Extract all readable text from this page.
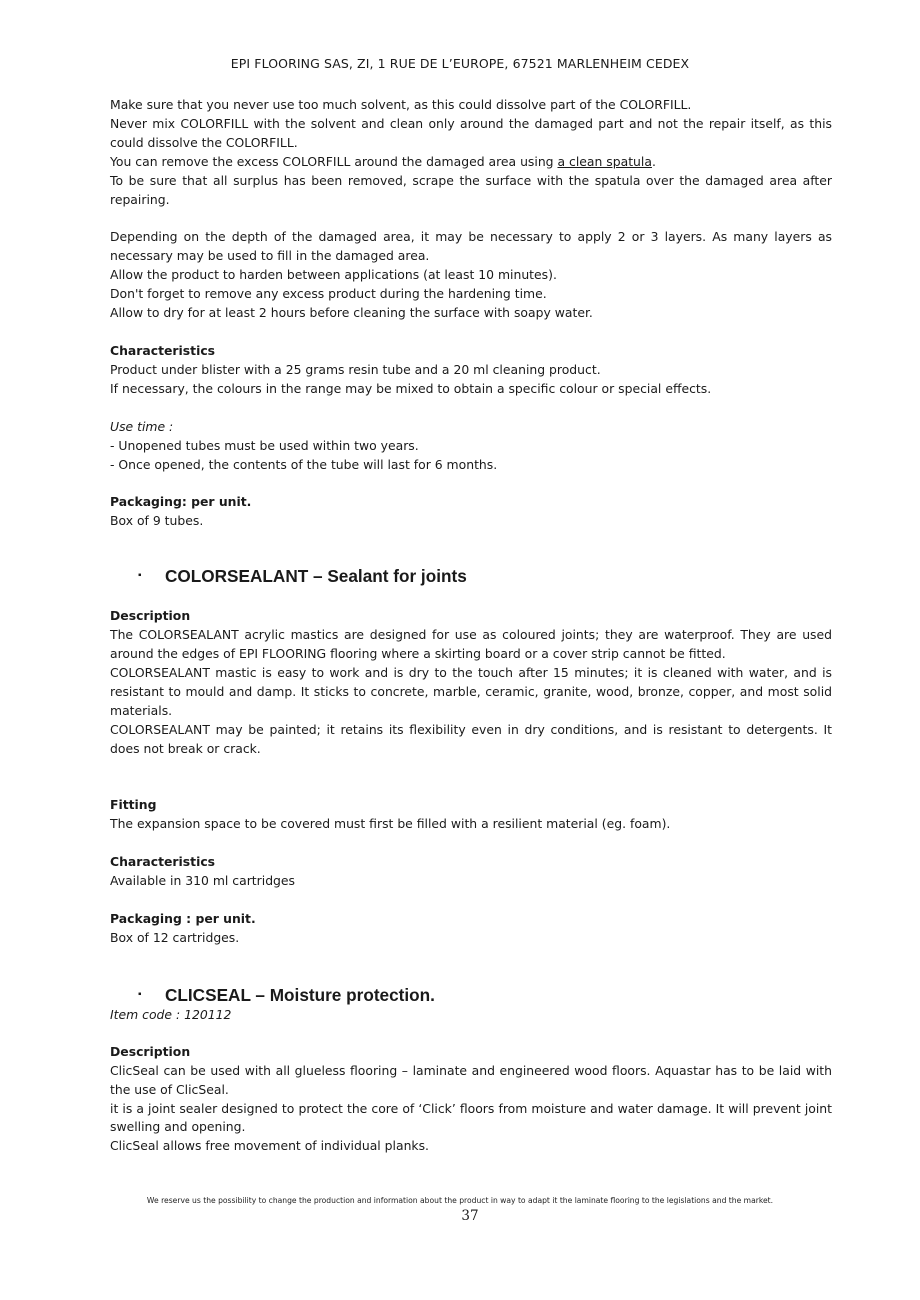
EPI FLOORING SAS, ZI, 1 RUE DE L’EUROPE, 67521 MARLENHEIM CEDEX

Make sure that you never use too much solvent, as this could dissolve part of the COLORFILL.

Never mix COLORFILL with the solvent and clean only around the damaged part and not the repair itself, as this could dissolve the COLORFILL.

You can remove the excess COLORFILL around the damaged area using a clean spatula.

To be sure that all surplus has been removed, scrape the surface with the spatula over the damaged area after repairing.

Depending on the depth of the damaged area, it may be necessary to apply 2 or 3 layers. As many layers as necessary may be used to fill in the damaged area.

Allow the product to harden between applications (at least 10 minutes).

Don't forget to remove any excess product during the hardening time.

Allow to dry for at least 2 hours before cleaning the surface with soapy water.

Characteristics

Product under blister with a 25 grams resin tube and a 20 ml cleaning product.

If necessary, the colours in the range may be mixed to obtain a specific colour or special effects.

Use time :

- Unopened tubes must be used within two years.

- Once opened, the contents of the tube will last for 6 months.

Packaging: per unit.

Box of 9 tubes.

▪ COLORSEALANT – Sealant for joints

Description

The COLORSEALANT acrylic mastics are designed for use as coloured joints; they are waterproof. They are used around the edges of EPI FLOORING flooring where a skirting board or a cover strip cannot be fitted.

COLORSEALANT mastic is easy to work and is dry to the touch after 15 minutes; it is cleaned with water, and is resistant to mould and damp. It sticks to concrete, marble, ceramic, granite, wood, bronze, copper, and most solid materials.

COLORSEALANT may be painted; it retains its flexibility even in dry conditions, and is resistant to detergents. It does not break or crack.

Fitting

The expansion space to be covered must first be filled with a resilient material (eg. foam).

Characteristics

Available in 310 ml cartridges

Packaging : per unit.

Box of 12 cartridges.

▪ CLICSEAL – Moisture protection.

Item code : 120112

Description

ClicSeal can be used with all glueless flooring – laminate and engineered wood floors. Aquastar has to be laid with the use of ClicSeal.

it is a joint sealer designed to protect the core of ‘Click’ floors from moisture and water damage. It will prevent joint swelling and opening.

ClicSeal allows free movement of individual planks.

We reserve us the possibility to change the production and information about the product in way to adapt it the laminate flooring to the legislations and the market.
37
